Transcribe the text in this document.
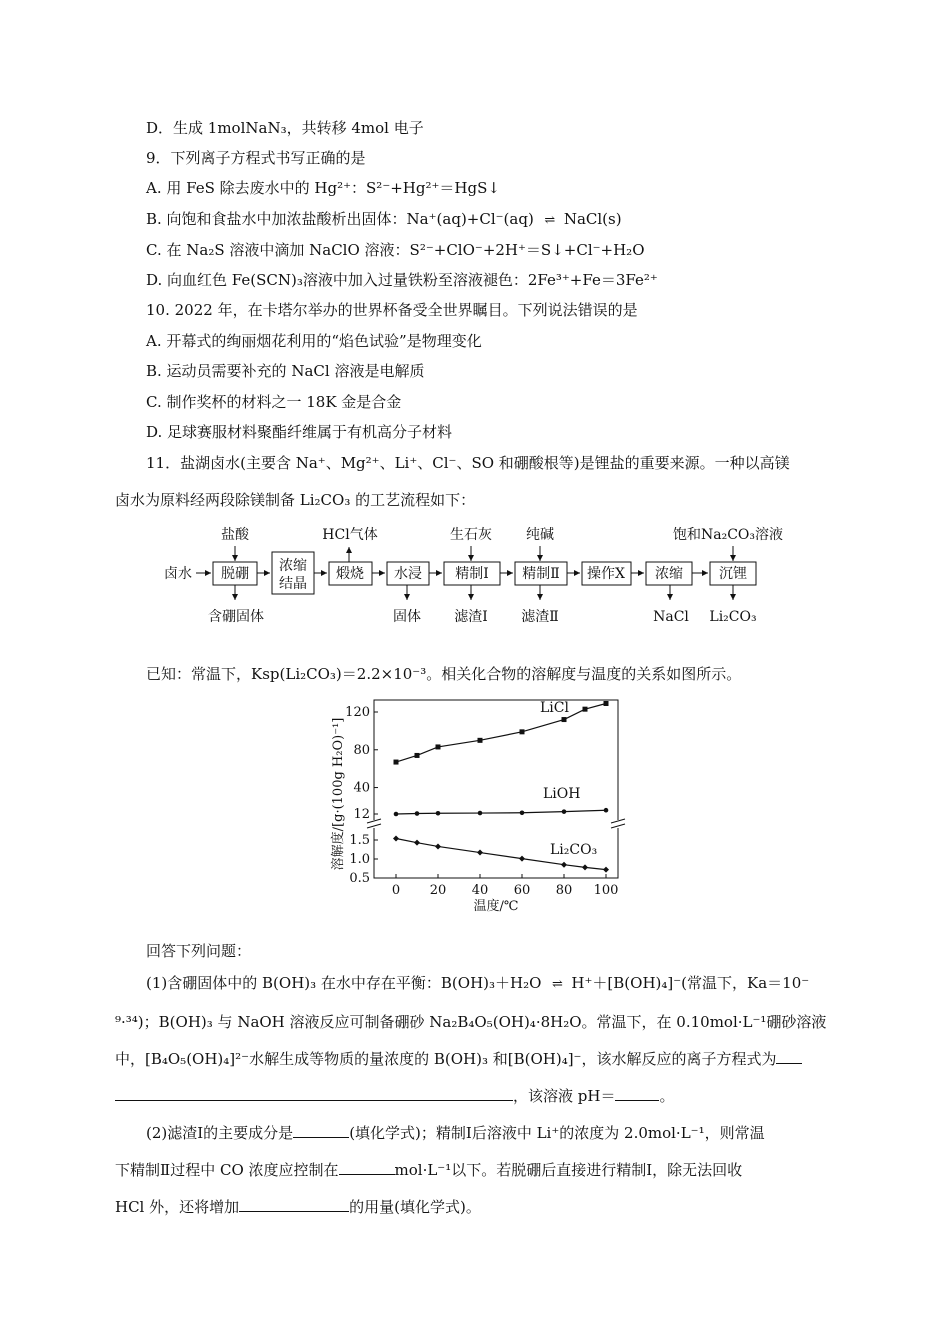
D．生成 1molNaN₃，共转移 4mol 电子
9．下列离子方程式书写正确的是
A. 用 FeS 除去废水中的 Hg²⁺：S²⁻+Hg²⁺＝HgS↓
B. 向饱和食盐水中加浓盐酸析出固体：Na⁺(aq)+Cl⁻(aq) ⇌ NaCl(s)
C. 在 Na₂S 溶液中滴加 NaClO 溶液：S²⁻+ClO⁻+2H⁺＝S↓+Cl⁻+H₂O
D. 向血红色 Fe(SCN)₃溶液中加入过量铁粉至溶液褪色：2Fe³⁺+Fe＝3Fe²⁺
10. 2022 年，在卡塔尔举办的世界杯备受全世界瞩目。下列说法错误的是
A. 开幕式的绚丽烟花利用的“焰色试验”是物理变化
B. 运动员需要补充的 NaCl 溶液是电解质
C. 制作奖杯的材料之一 18K 金是合金
D. 足球赛服材料聚酯纤维属于有机高分子材料
11．盐湖卤水(主要含 Na⁺、Mg²⁺、Li⁺、Cl⁻、SO 和硼酸根等)是锂盐的重要来源。一种以高镁
卤水为原料经两段除镁制备 Li₂CO₃ 的工艺流程如下：
卤水 脱硼 浓缩
结晶
煅烧 水浸 精制Ⅰ 精制Ⅱ 操作X 浓缩	沉锂
盐酸	HCl气体	生石灰 纯碱	饱和Na₂CO₃溶液
含硼固体	固体 滤渣Ⅰ 滤渣Ⅱ	NaCl Li₂CO₃
已知：常温下，Ksp(Li₂CO₃)＝2.2×10⁻³。相关化合物的溶解度与温度的关系如图所示。
0 20 40 60 80 100
12
40
80
120
0.5
1.0
1.5
LiCl
LiOH
Li₂CO₃
溶解度/[g·(100g H₂O)⁻¹]
温度/℃
回答下列问题：
(1)含硼固体中的 B(OH)₃ 在水中存在平衡：B(OH)₃＋H₂O ⇌ H⁺＋[B(OH)₄]⁻(常温下，Ka＝10⁻
⁹·³⁴)；B(OH)₃ 与 NaOH 溶液反应可制备硼砂 Na₂B₄O₅(OH)₄·8H₂O。常温下，在 0.10mol·L⁻¹硼砂溶液
中，[B₄O₅(OH)₄]²⁻水解生成等物质的量浓度的 B(OH)₃ 和[B(OH)₄]⁻，该水解反应的离子方程式为
，该溶液 pH＝	。
(2)滤渣Ⅰ的主要成分是	(填化学式)；精制Ⅰ后溶液中 Li⁺的浓度为 2.0mol·L⁻¹，则常温
下精制Ⅱ过程中 CO 浓度应控制在	mol·L⁻¹以下。若脱硼后直接进行精制Ⅰ，除无法回收
HCl 外，还将增加	的用量(填化学式)。
